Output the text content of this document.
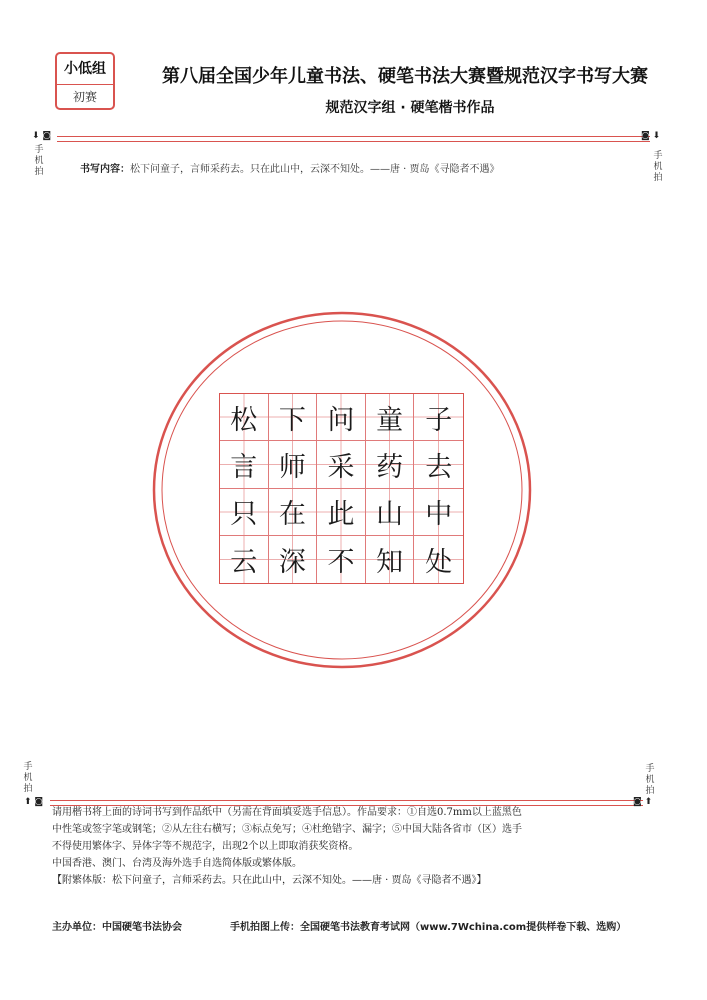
小低组
初赛
第八届全国少年儿童书法、硬笔书法大赛暨规范汉字书写大赛
规范汉字组 · 硬笔楷书作品
⬇ ◙
手
机
拍
◙ ⬇
手
机
拍
书写内容：松下问童子，言师采药去。只在此山中，云深不知处。——唐 · 贾岛《寻隐者不遇》
松 下 问 童 子
言 师 采 药 去
只 在 此 山 中
云 深 不 知 处
手
机
拍
⬆ ◙
手
机
拍
◙ ⬆

请用楷书将上面的诗词书写到作品纸中（另需在背面填妥选手信息）。作品要求：①自选0.7mm以上蓝黑色

中性笔或签字笔或钢笔；②从左往右横写；③标点免写；④杜绝错字、漏字；⑤中国大陆各省市（区）选手

不得使用繁体字、异体字等不规范字，出现2个以上即取消获奖资格。

中国香港、澳门、台湾及海外选手自选简体版或繁体版。

【附繁体版：松下问童子，言师采药去。只在此山中，云深不知处。——唐 · 贾岛《寻隐者不遇》】

主办单位：中国硬笔书法协会	手机拍图上传：全国硬笔书法教育考试网（www.7Wchina.com提供样卷下载、选购）
